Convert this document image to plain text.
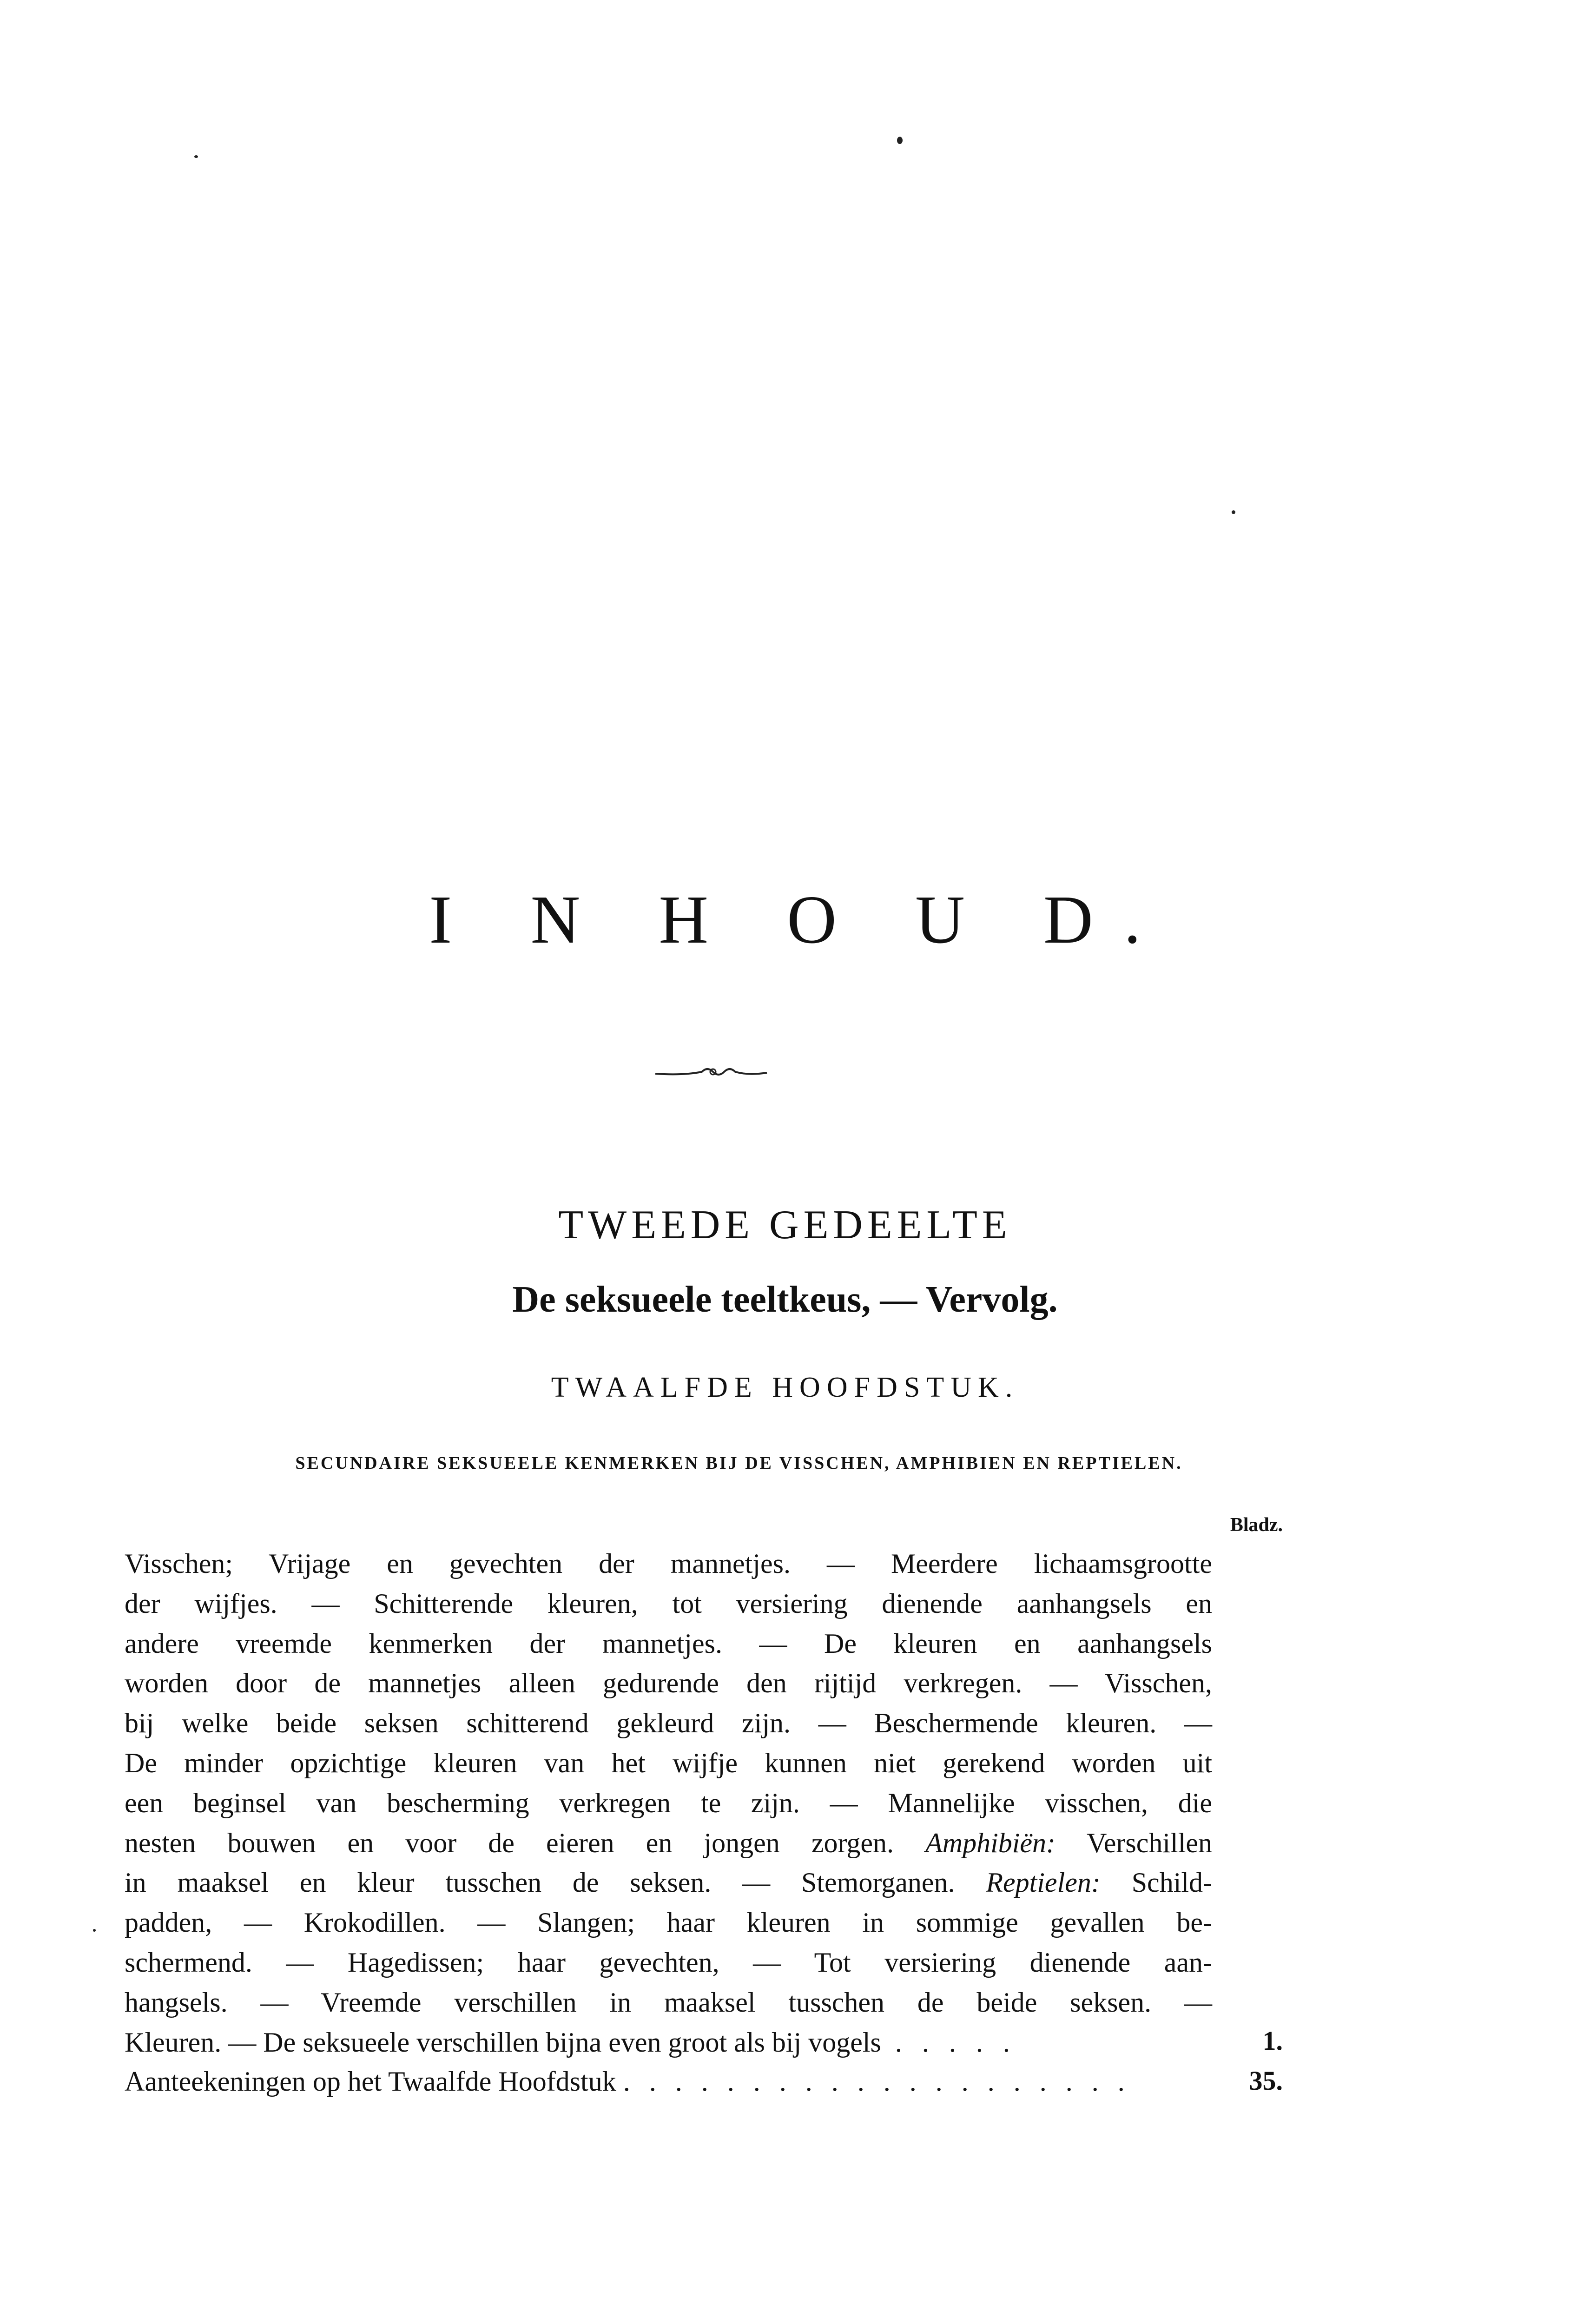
I N H O U D.
TWEEDE GEDEELTE
De seksueele teeltkeus, — Vervolg.
TWAALFDE HOOFDSTUK.
SECUNDAIRE SEKSUEELE KENMERKEN BIJ DE VISSCHEN, AMPHIBIEN EN REPTIELEN.
Bladz.
Visschen; Vrijage en gevechten der mannetjes. — Meerdere lichaamsgrootte
der wijfjes. — Schitterende kleuren, tot versiering dienende aanhangsels en
andere vreemde kenmerken der mannetjes. — De kleuren en aanhangsels
worden door de mannetjes alleen gedurende den rijtijd verkregen. — Visschen,
bij welke beide seksen schitterend gekleurd zijn. — Beschermende kleuren. —
De minder opzichtige kleuren van het wijfje kunnen niet gerekend worden uit
een beginsel van bescherming verkregen te zijn. — Mannelijke visschen, die
nesten bouwen en voor de eieren en jongen zorgen. Amphibiën: Verschillen
in maaksel en kleur tusschen de seksen. — Stemorganen. Reptielen: Schild-
padden, — Krokodillen. — Slangen; haar kleuren in sommige gevallen be-
schermend. — Hagedissen; haar gevechten, — Tot versiering dienende aan-
hangsels. — Vreemde verschillen in maaksel tusschen de beide seksen. —
Kleuren. — De seksueele verschillen bijna even groot als bij vogels . . . . .	1.
Aanteekeningen op het Twaalfde Hoofdstuk . . . . . . . . . . . . . . . . . . . .	35.
